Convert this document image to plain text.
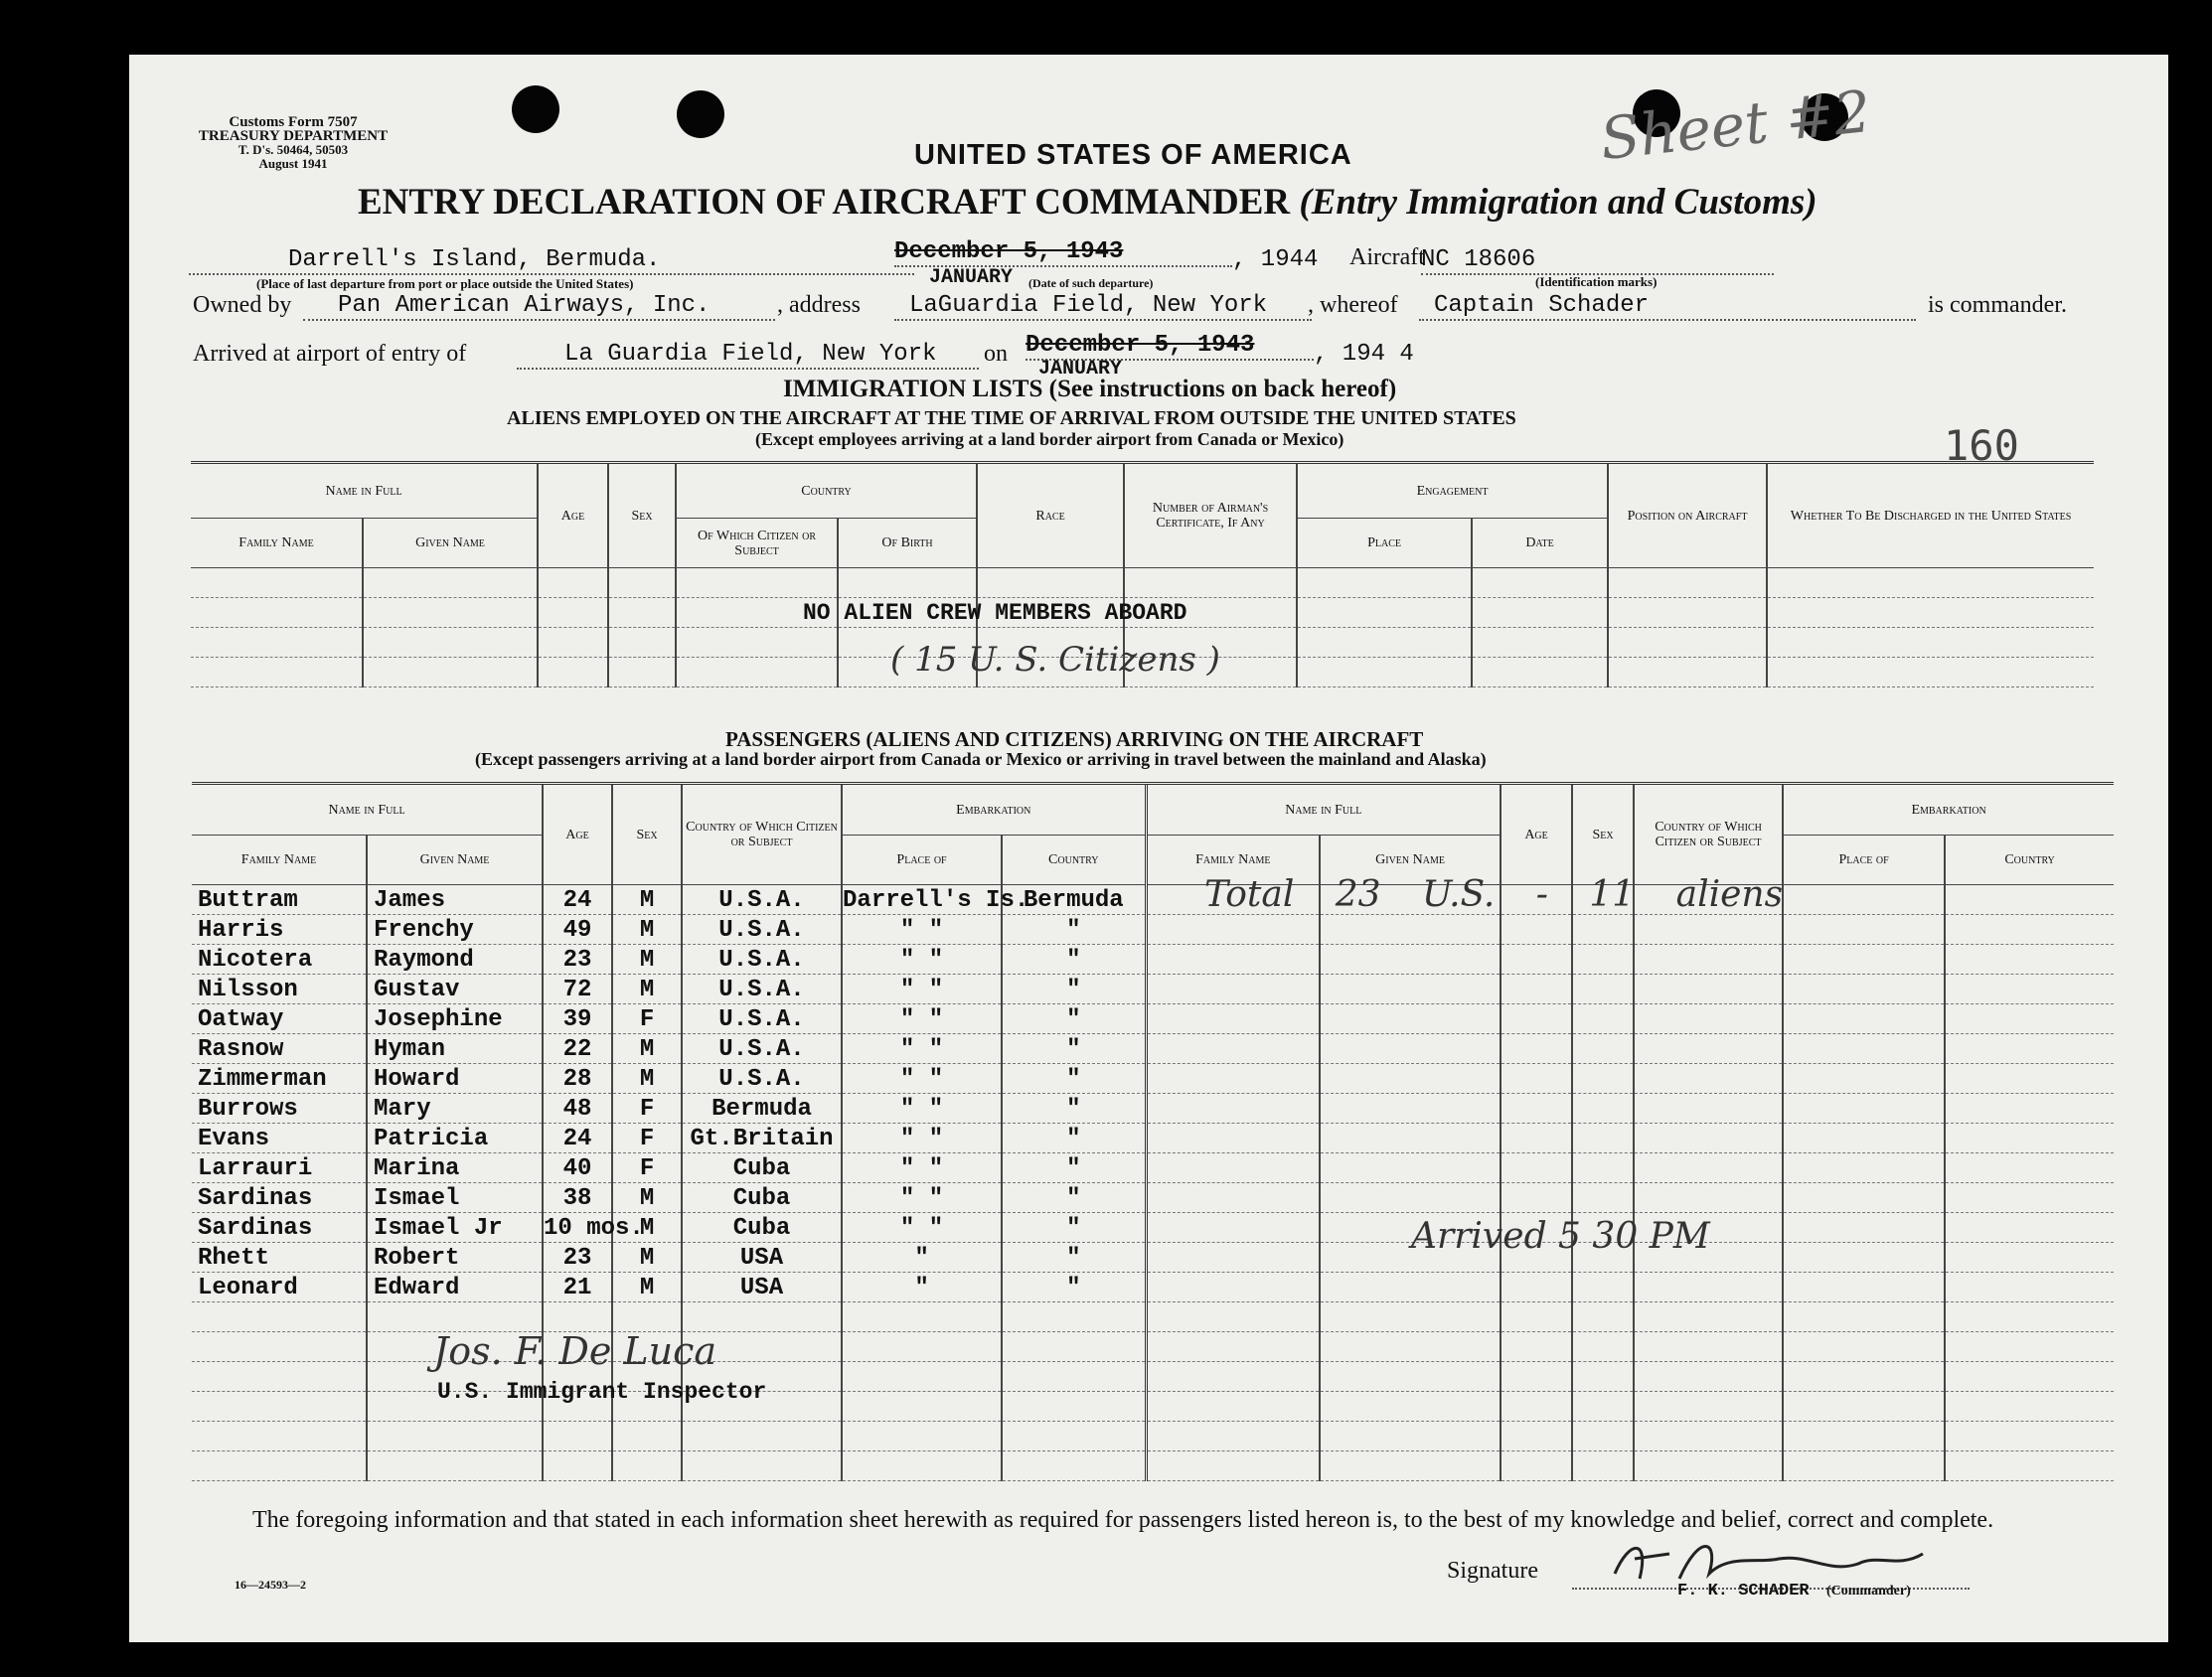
Customs Form 7507
TREASURY DEPARTMENT
T. D's. 50464, 50503
August 1941	UNITED STATES OF AMERICA	Sheet #2
ENTRY DECLARATION OF AIRCRAFT COMMANDER (Entry Immigration and Customs)
Darrell's Island, Bermuda.
(Place of last departure from port or place outside the United States)
December 5, 1943
JANUARY (Date of such departure)
, 1944 Aircraft
NC 18606
(Identification marks)
Owned by	Pan American Airways, Inc.	, address	LaGuardia Field, New York	, whereof	Captain Schader	is commander.
Arrived at airport of entry of	La Guardia Field, New York	on December 5, 1943
JANUARY
, 194 4
IMMIGRATION LISTS (See instructions on back hereof)
ALIENS EMPLOYED ON THE AIRCRAFT AT THE TIME OF ARRIVAL FROM OUTSIDE THE UNITED STATES
(Except employees arriving at a land border airport from Canada or Mexico)	160
Name in Full		Age	Sex	Country		Race	Number of Airman's Certificate, If Any	Engagement		Position on Aircraft	Whether To Be Discharged in the United States
Family Name	Given Name			Of Which Citizen or Subject	Of Birth			Place	Date		

NO ALIEN CREW MEMBERS ABOARD
( 15 U. S. Citizens )
PASSENGERS (ALIENS AND CITIZENS) ARRIVING ON THE AIRCRAFT
(Except passengers arriving at a land border airport from Canada or Mexico or arriving in travel between the mainland and Alaska)
Name in Full		Age	Sex	Country of Which Citizen or Subject	Embarkation		Name in Full		Age	Sex	Country of Which Citizen or Subject	Embarkation	
Family Name	Given Name				Place of	Country	Family Name	Given Name				Place of	Country
Buttram	James	24	M	U.S.A.	Darrell's Is.	Bermuda							
Harris	Frenchy	49	M	U.S.A.	" "	"							
Nicotera	Raymond	23	M	U.S.A.	" "	"							
Nilsson	Gustav	72	M	U.S.A.	" "	"							
Oatway	Josephine	39	F	U.S.A.	" "	"							
Rasnow	Hyman	22	M	U.S.A.	" "	"							
Zimmerman	Howard	28	M	U.S.A.	" "	"							
Burrows	Mary	48	F	Bermuda	" "	"							
Evans	Patricia	24	F	Gt.Britain	" "	"							
Larrauri	Marina	40	F	Cuba	" "	"							
Sardinas	Ismael	38	M	Cuba	" "	"							
Sardinas	Ismael Jr	10 mos.	M	Cuba	" "	"							
Rhett	Robert	23	M	USA	"	"							
Leonard	Edward	21	M	USA	"	"							

Total 23 U.S. - 11 aliens
Arrived 5 30 PM
Jos. F. De Luca
U.S. Immigrant Inspector
The foregoing information and that stated in each information sheet herewith as required for passengers listed hereon is, to the best of my knowledge and belief, correct and complete.
16—24593—2
Signature
F. K. SCHADER (Commander)
